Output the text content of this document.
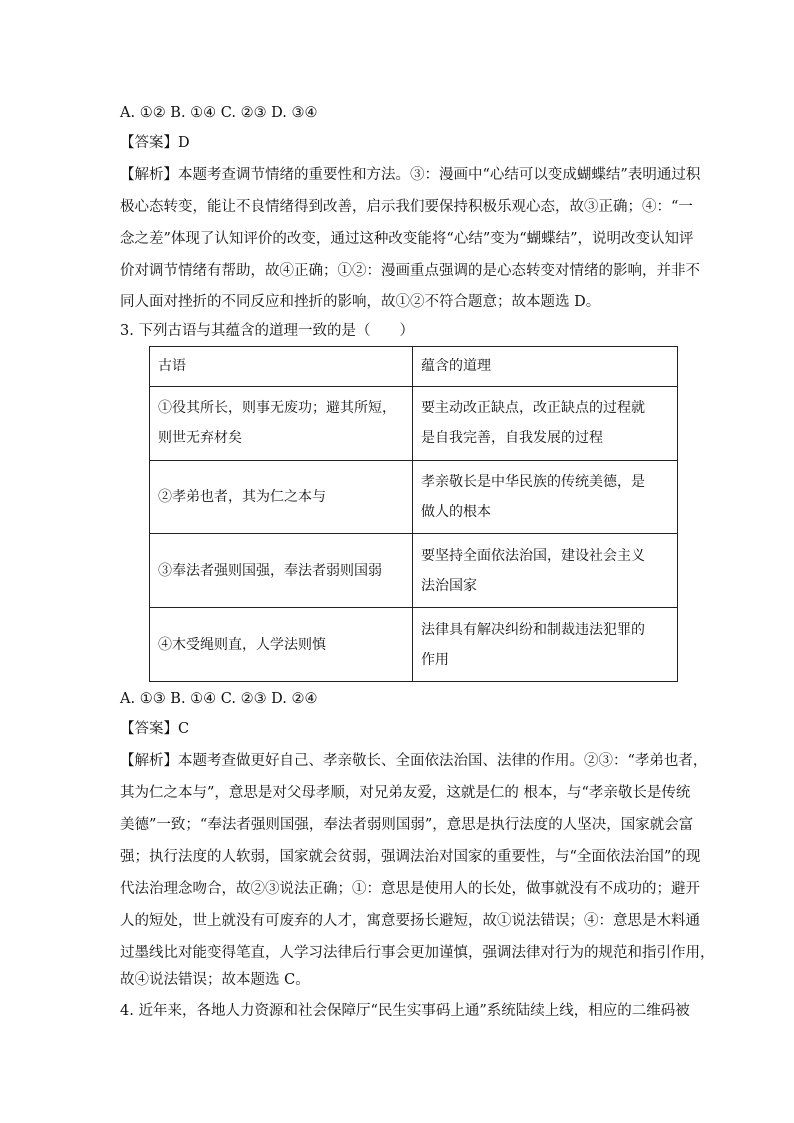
A. ①② B. ①④ C. ②③ D. ③④
【答案】D
【解析】本题考查调节情绪的重要性和方法。③：漫画中“心结可以变成蝴蝶结”表明通过积
极心态转变，能让不良情绪得到改善，启示我们要保持积极乐观心态，故③正确；④：“一
念之差”体现了认知评价的改变，通过这种改变能将“心结”变为“蝴蝶结”，说明改变认知评
价对调节情绪有帮助，故④正确；①②：漫画重点强调的是心态转变对情绪的影响，并非不
同人面对挫折的不同反应和挫折的影响，故①②不符合题意；故本题选 D。
3. 下列古语与其蕴含的道理一致的是（　　）
古语	蕴含的道理

①役其所长，则事无废功；避其所短，
则世无弃材矣	要主动改正缺点，改正缺点的过程就
是自我完善，自我发展的过程

②孝弟也者，其为仁之本与	孝亲敬长是中华民族的传统美德，是
做人的根本

③奉法者强则国强，奉法者弱则国弱	要坚持全面依法治国，建设社会主义
法治国家

④木受绳则直，人学法则慎	法律具有解决纠纷和制裁违法犯罪的
作用
A. ①③ B. ①④ C. ②③ D. ②④
【答案】C
【解析】本题考查做更好自己、孝亲敬长、全面依法治国、法律的作用。②③：“孝弟也者，
其为仁之本与”，意思是对父母孝顺，对兄弟友爱，这就是仁的 根本，与“孝亲敬长是传统
美德”一致；“奉法者强则国强，奉法者弱则国弱”，意思是执行法度的人坚决，国家就会富
强；执行法度的人软弱，国家就会贫弱，强调法治对国家的重要性，与“全面依法治国”的现
代法治理念吻合，故②③说法正确；①：意思是使用人的长处，做事就没有不成功的；避开
人的短处，世上就没有可废弃的人才，寓意要扬长避短，故①说法错误；④：意思是木料通
过墨线比对能变得笔直，人学习法律后行事会更加谨慎，强调法律对行为的规范和指引作用，
故④说法错误；故本题选 C。
4. 近年来，各地人力资源和社会保障厅“民生实事码上通”系统陆续上线，相应的二维码被
